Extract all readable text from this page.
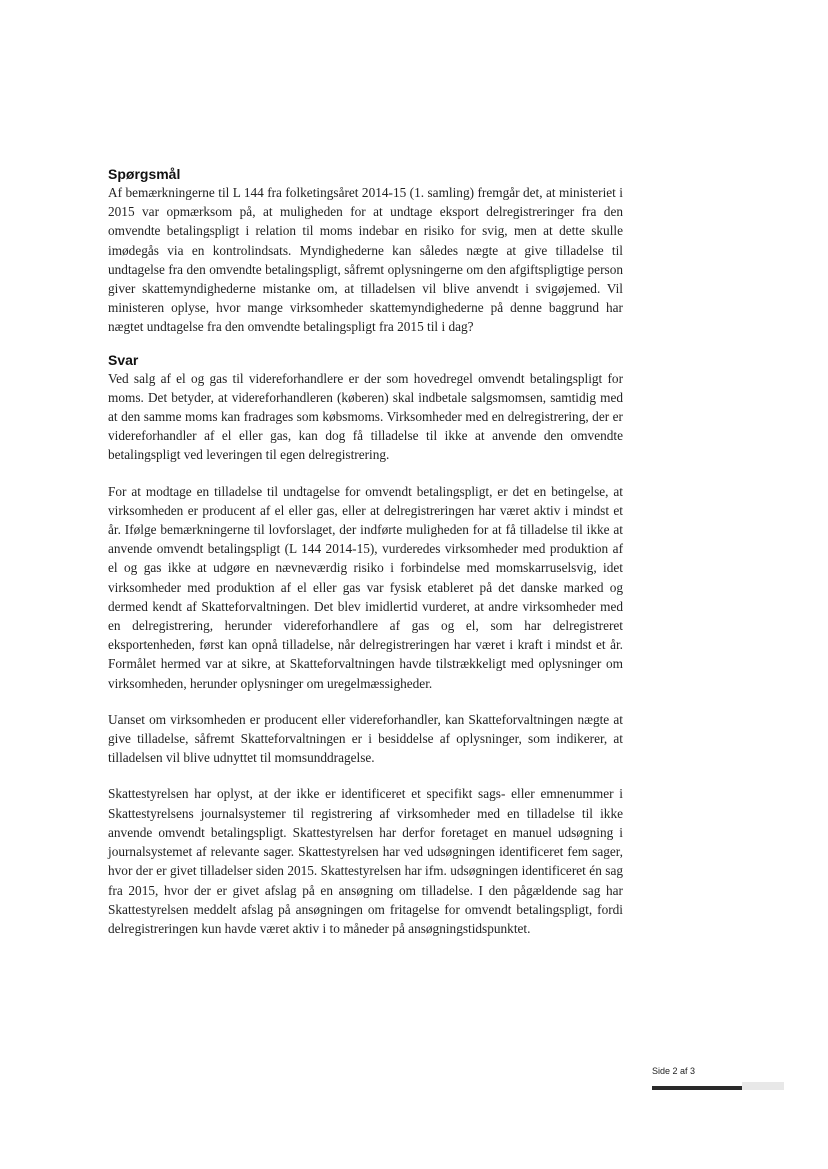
Spørgsmål

Af bemærkningerne til L 144 fra folketingsåret 2014-15 (1. samling) fremgår det, at ministeriet i 2015 var opmærksom på, at muligheden for at undtage eksport delregistreringer fra den omvendte betalingspligt i relation til moms indebar en risiko for svig, men at dette skulle imødegås via en kontrolindsats. Myndighederne kan således nægte at give tilladelse til undtagelse fra den omvendte betalingspligt, såfremt oplysningerne om den afgiftspligtige person giver skattemyndighederne mistanke om, at tilladelsen vil blive anvendt i svigøjemed. Vil ministeren oplyse, hvor mange virksomheder skattemyndighederne på denne baggrund har nægtet undtagelse fra den omvendte betalingspligt fra 2015 til i dag?

Svar

Ved salg af el og gas til videreforhandlere er der som hovedregel omvendt betalingspligt for moms. Det betyder, at videreforhandleren (køberen) skal indbetale salgsmomsen, samtidig med at den samme moms kan fradrages som købsmoms. Virksomheder med en delregistrering, der er videreforhandler af el eller gas, kan dog få tilladelse til ikke at anvende den omvendte betalingspligt ved leveringen til egen delregistrering.

For at modtage en tilladelse til undtagelse for omvendt betalingspligt, er det en betingelse, at virksomheden er producent af el eller gas, eller at delregistreringen har været aktiv i mindst et år. Ifølge bemærkningerne til lovforslaget, der indførte muligheden for at få tilladelse til ikke at anvende omvendt betalingspligt (L 144 2014-15), vurderedes virksomheder med produktion af el og gas ikke at udgøre en nævneværdig risiko i forbindelse med momskarruselsvig, idet virksomheder med produktion af el eller gas var fysisk etableret på det danske marked og dermed kendt af Skatteforvaltningen. Det blev imidlertid vurderet, at andre virksomheder med en delregistrering, herunder videreforhandlere af gas og el, som har delregistreret eksportenheden, først kan opnå tilladelse, når delregistreringen har været i kraft i mindst et år. Formålet hermed var at sikre, at Skatteforvaltningen havde tilstrækkeligt med oplysninger om virksomheden, herunder oplysninger om uregelmæssigheder.

Uanset om virksomheden er producent eller videreforhandler, kan Skatteforvaltningen nægte at give tilladelse, såfremt Skatteforvaltningen er i besiddelse af oplysninger, som indikerer, at tilladelsen vil blive udnyttet til momsunddragelse.

Skattestyrelsen har oplyst, at der ikke er identificeret et specifikt sags- eller emnenummer i Skattestyrelsens journalsystemer til registrering af virksomheder med en tilladelse til ikke anvende omvendt betalingspligt. Skattestyrelsen har derfor foretaget en manuel udsøgning i journalsystemet af relevante sager. Skattestyrelsen har ved udsøgningen identificeret fem sager, hvor der er givet tilladelser siden 2015. Skattestyrelsen har ifm. udsøgningen identificeret én sag fra 2015, hvor der er givet afslag på en ansøgning om tilladelse. I den pågældende sag har Skattestyrelsen meddelt afslag på ansøgningen om fritagelse for omvendt betalingspligt, fordi delregistreringen kun havde været aktiv i to måneder på ansøgningstidspunktet.

Side 2 af 3
